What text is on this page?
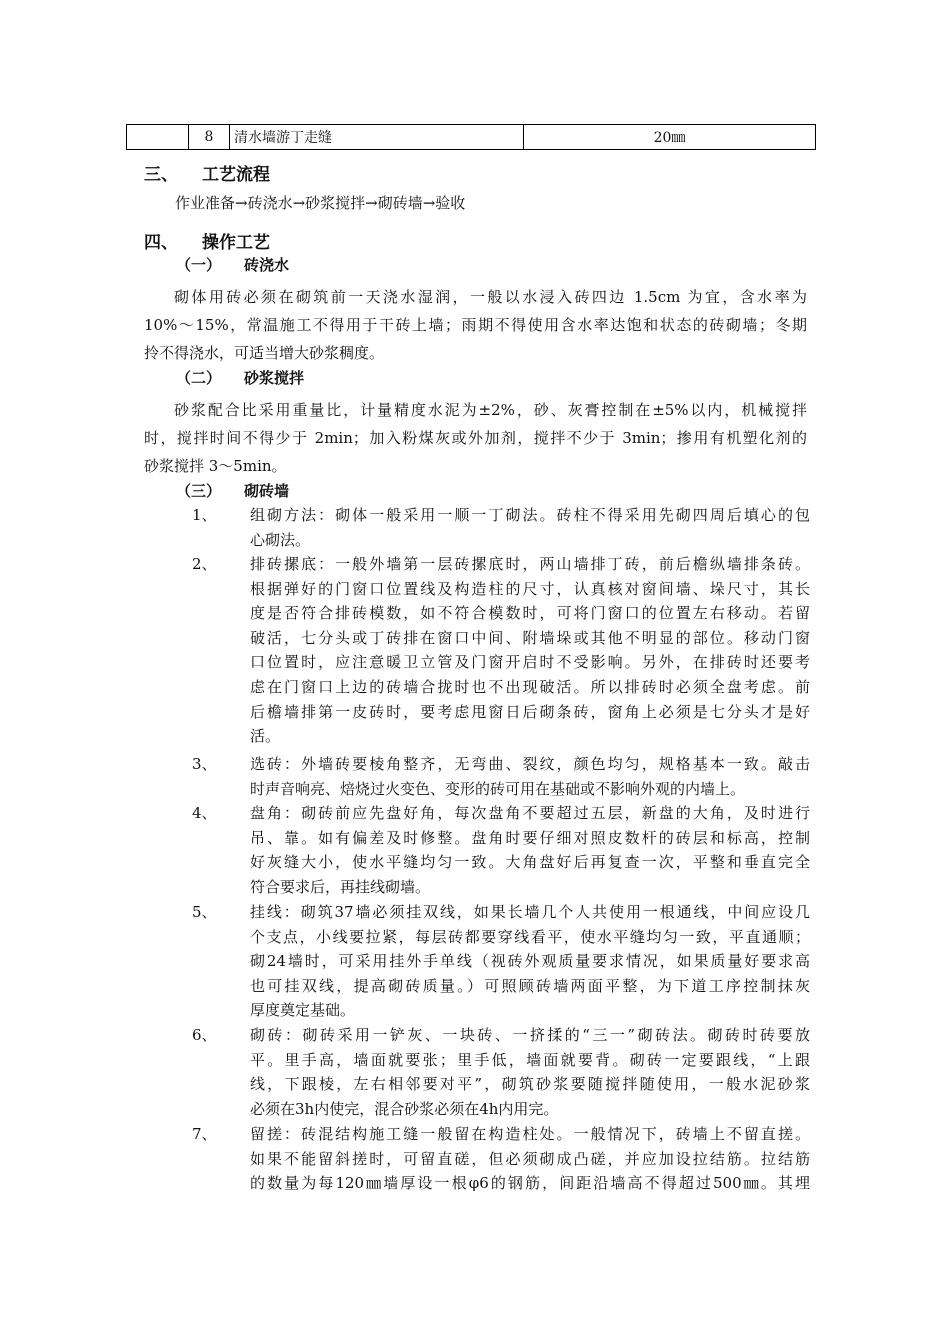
	8	清水墙游丁走缝	20㎜
三、 工艺流程
作业准备→砖浇水→砂浆搅拌→砌砖墙→验收
四、 操作工艺
（一） 砖浇水
砌体用砖必须在砌筑前一天浇水湿润，一般以水浸入砖四边 1.5cm 为宜，含水率为
10%～15%，常温施工不得用于干砖上墙；雨期不得使用含水率达饱和状态的砖砌墙；冬期
拎不得浇水，可适当增大砂浆稠度。
（二） 砂浆搅拌
砂浆配合比采用重量比，计量精度水泥为±2%，砂、灰膏控制在±5%以内，机械搅拌
时，搅拌时间不得少于 2min；加入粉煤灰或外加剂，搅拌不少于 3min；掺用有机塑化剂的
砂浆搅拌 3～5min。
（三） 砌砖墙
1、	组砌方法：砌体一般采用一顺一丁砌法。砖柱不得采用先砌四周后填心的包
心砌法。
2、	排砖摞底：一般外墙第一层砖摞底时，两山墙排丁砖，前后檐纵墙排条砖。
根据弹好的门窗口位置线及构造柱的尺寸，认真核对窗间墙、垛尺寸，其长
度是否符合排砖模数，如不符合模数时，可将门窗口的位置左右移动。若留
破活，七分头或丁砖排在窗口中间、附墙垛或其他不明显的部位。移动门窗
口位置时，应注意暖卫立管及门窗开启时不受影响。另外，在排砖时还要考
虑在门窗口上边的砖墙合拢时也不出现破活。所以排砖时必须全盘考虑。前
后檐墙排第一皮砖时，要考虑甩窗日后砌条砖，窗角上必须是七分头才是好
活。
3、	选砖：外墙砖要棱角整齐，无弯曲、裂纹，颜色均匀，规格基本一致。敲击
时声音响亮、焙烧过火变色、变形的砖可用在基础或不影响外观的内墙上。
4、	盘角：砌砖前应先盘好角，每次盘角不要超过五层，新盘的大角，及时进行
吊、靠。如有偏差及时修整。盘角时要仔细对照皮数杆的砖层和标高，控制
好灰缝大小，使水平缝均匀一致。大角盘好后再复查一次，平整和垂直完全
符合要求后，再挂线砌墙。
5、	挂线：砌筑37墙必须挂双线，如果长墙几个人共使用一根通线，中间应设几
个支点，小线要拉紧，每层砖都要穿线看平，使水平缝均匀一致，平直通顺；
砌24墙时，可采用挂外手单线（视砖外观质量要求情况，如果质量好要求高
也可挂双线，提高砌砖质量。）可照顾砖墙两面平整，为下道工序控制抹灰
厚度奠定基础。
6、	砌砖：砌砖采用一铲灰、一块砖、一挤揉的“三一”砌砖法。砌砖时砖要放
平。里手高，墙面就要张；里手低，墙面就要背。砌砖一定要跟线，“上跟
线，下跟棱，左右相邻要对平”，砌筑砂浆要随搅拌随使用，一般水泥砂浆
必须在3h内使完，混合砂浆必须在4h内用完。
7、	留搓：砖混结构施工缝一般留在构造柱处。一般情况下，砖墙上不留直搓。
如果不能留斜搓时，可留直磋，但必须砌成凸磋，并应加设拉结筋。拉结筋
的数量为每120㎜墙厚设一根φ6的钢筋，间距沿墙高不得超过500㎜。其埋
